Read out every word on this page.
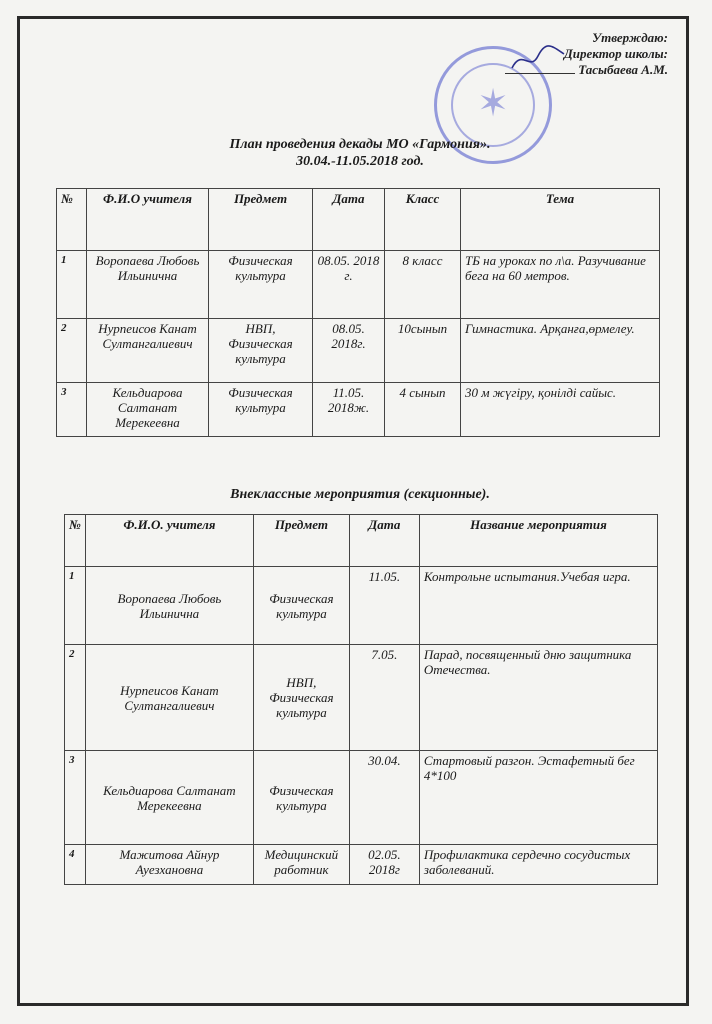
✶
Утверждаю:
Директор школы:
Тасыбаева А.М.
План проведения декады МО «Гармония».
30.04.-11.05.2018 год.
№	Ф.И.О учителя	Предмет	Дата	Класс	Тема
1	Воропаева Любовь Ильинична	Физическая культура	08.05. 2018 г.	8 класс	ТБ на уроках по л\а. Разучивание бега на 60 метров.
2	Нурпеисов Канат Султангалиевич	НВП, Физическая культура	08.05. 2018г.	10сынып	Гимнастика. Арқанға,өрмелеу.
3	Кельдиарова Салтанат Мерекеевна	Физическая культура	11.05. 2018ж.	4 сынып	30 м жүгіру, қонілді сайыс.
Внеклассные мероприятия (секционные).
№	Ф.И.О. учителя	Предмет	Дата	Название мероприятия
1	Воропаева Любовь Ильинична	Физическая культура	11.05.	Контрольне испытания.Учебая игра.
2	Нурпеисов Канат Султангалиевич	НВП, Физическая культура	7.05.	Парад, посвященный дню защитника Отечества.
3	Кельдиарова Салтанат Мерекеевна	Физическая культура	30.04.	Стартовый разгон. Эстафетный бег 4*100
4	Мажитова Айнур Ауезхановна	Медицинский работник	02.05. 2018г	Профилактика сердечно сосудистых заболеваний.
